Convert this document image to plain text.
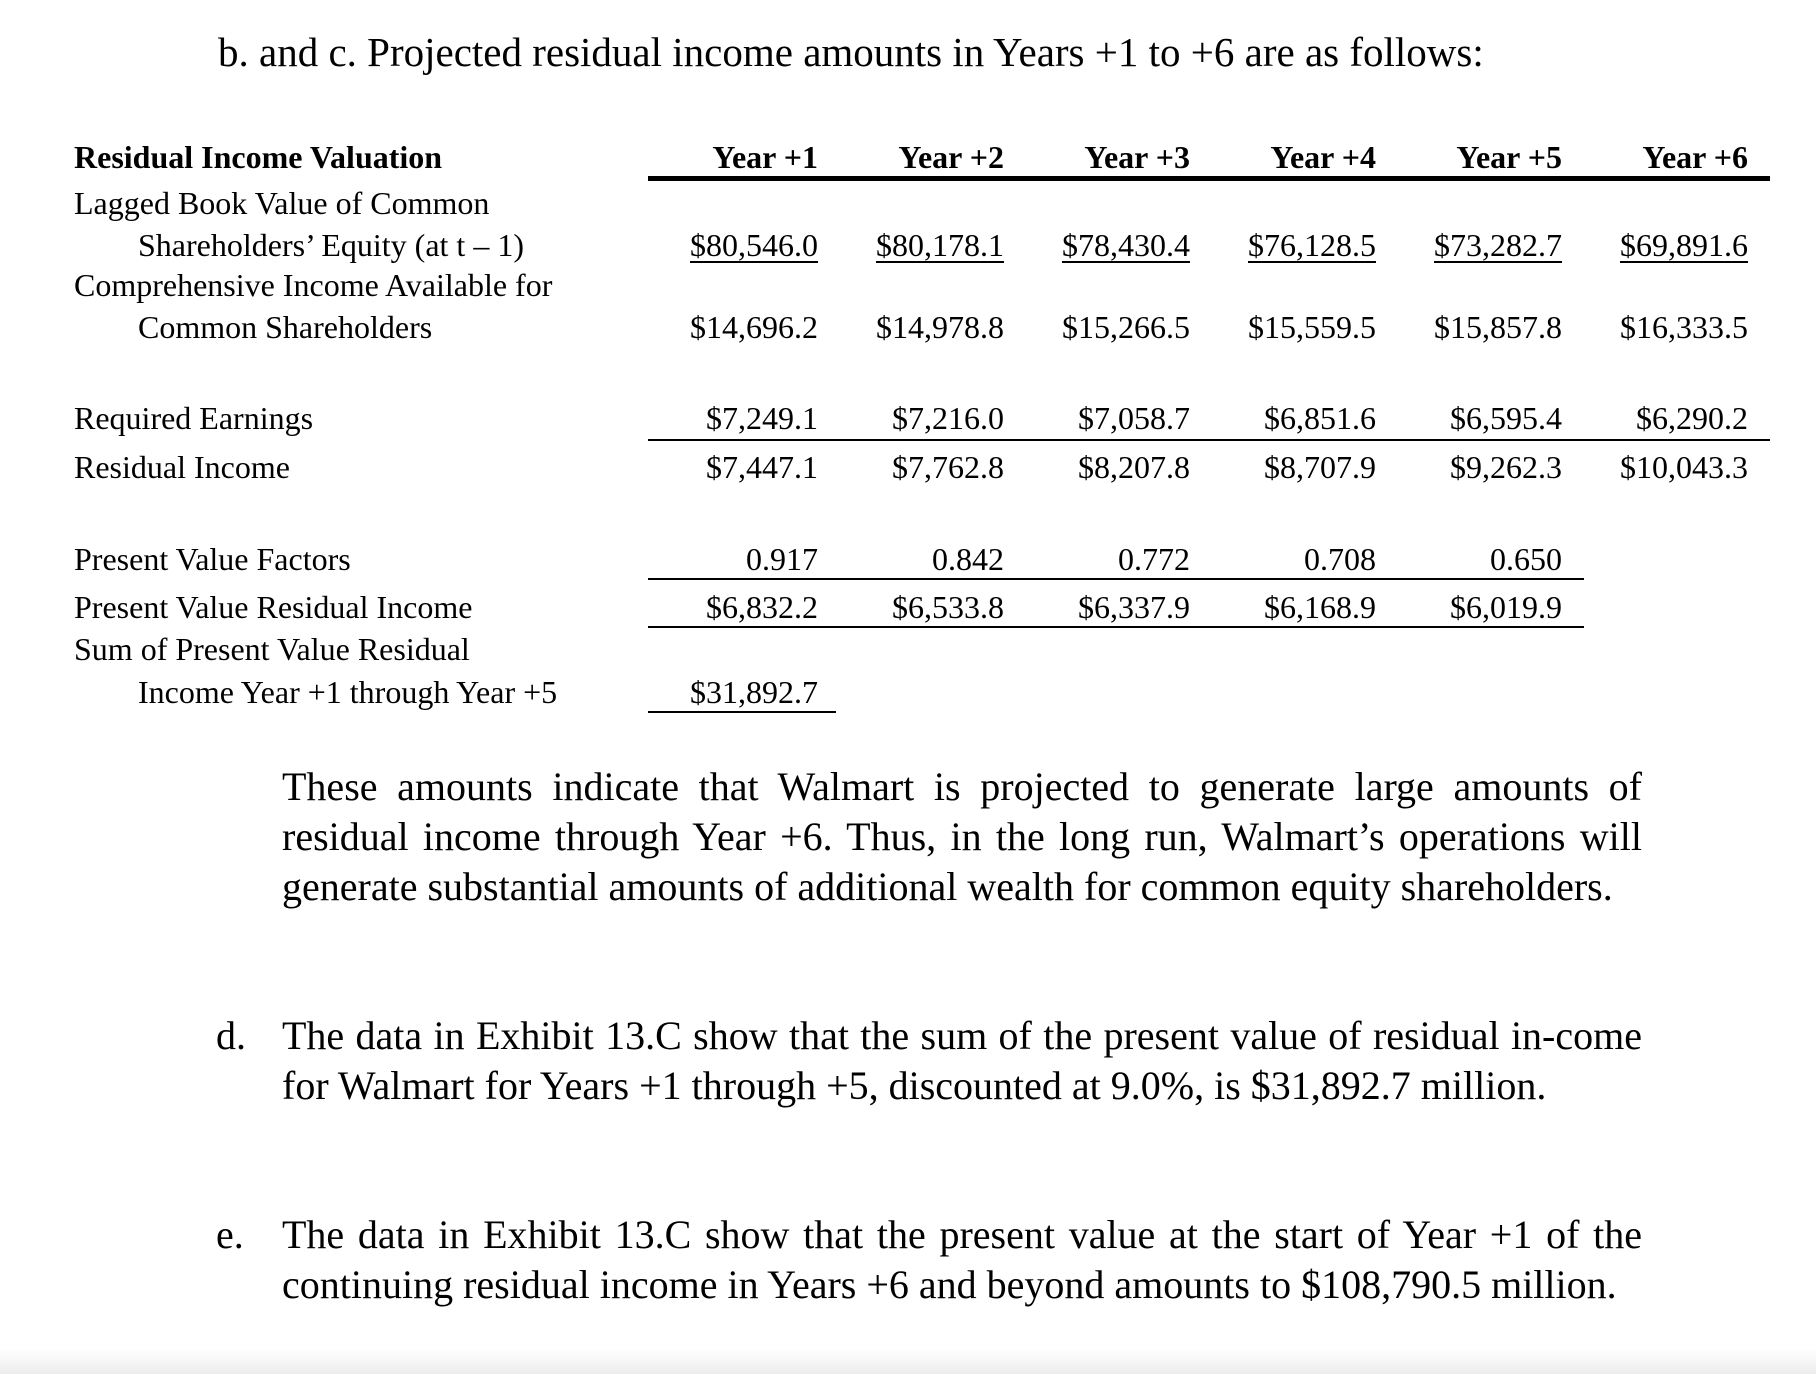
b. and c. Projected residual income amounts in Years +1 to +6 are as follows:
Residual Income Valuation	Year +1	Year +2	Year +3	Year +4	Year +5	Year +6
Lagged Book Value of Common
Shareholders’ Equity (at t – 1)	$80,546.0	$80,178.1	$78,430.4	$76,128.5	$73,282.7	$69,891.6
Comprehensive Income Available for
Common Shareholders	$14,696.2	$14,978.8	$15,266.5	$15,559.5	$15,857.8	$16,333.5
Required Earnings	$7,249.1	$7,216.0	$7,058.7	$6,851.6	$6,595.4	$6,290.2
Residual Income	$7,447.1	$7,762.8	$8,207.8	$8,707.9	$9,262.3	$10,043.3
Present Value Factors	0.917	0.842	0.772	0.708	0.650
Present Value Residual Income	$6,832.2	$6,533.8	$6,337.9	$6,168.9	$6,019.9
Sum of Present Value Residual
Income Year +1 through Year +5	$31,892.7
These amounts indicate that Walmart is projected to generate large amounts of residual income through Year +6. Thus, in the long run, Walmart’s operations will generate substantial amounts of additional wealth for common equity shareholders.
d. The data in Exhibit 13.C show that the sum of the present value of residual in-come for Walmart for Years +1 through +5, discounted at 9.0%, is $31,892.7 million.
e. The data in Exhibit 13.C show that the present value at the start of Year +1 of the continuing residual income in Years +6 and beyond amounts to $108,790.5 million.
